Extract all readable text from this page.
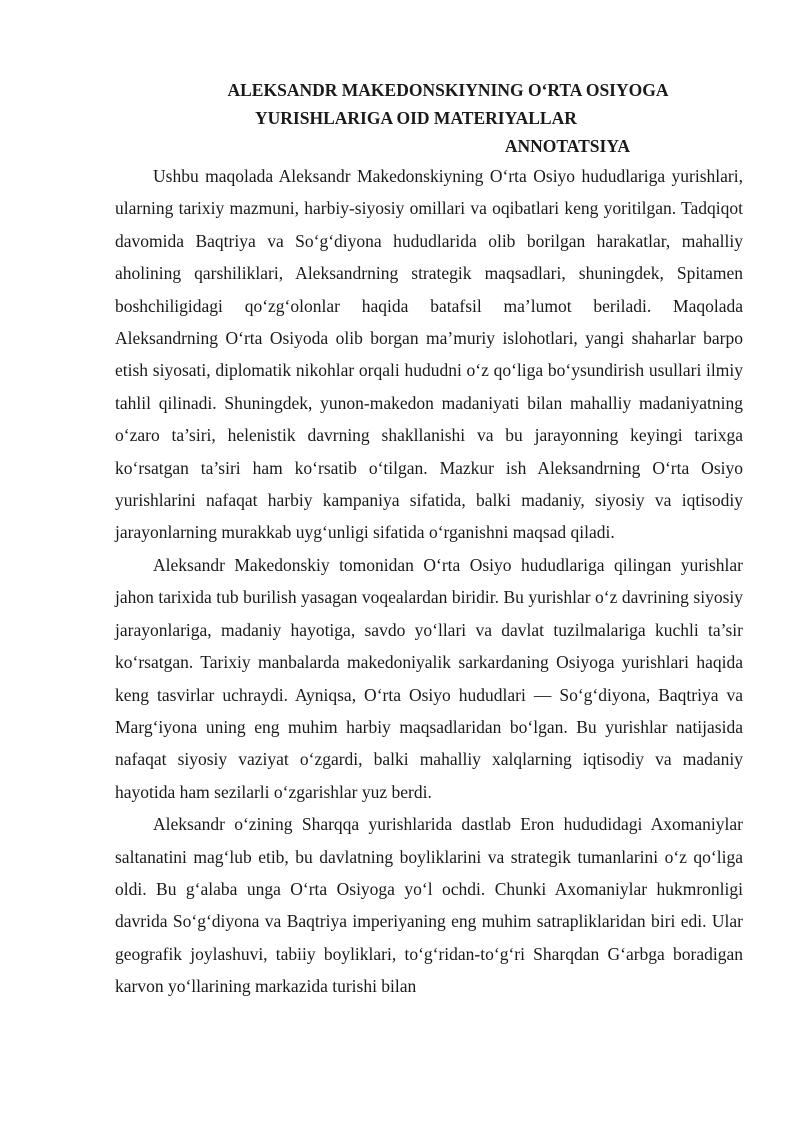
ALEKSANDR MAKEDONSKIYNING O‘RTA OSIYOGA

YURISHLARIGA OID MATERIYALLAR

ANNOTATSIYA

Ushbu maqolada Aleksandr Makedonskiyning O‘rta Osiyo hududlariga yurishlari, ularning tarixiy mazmuni, harbiy-siyosiy omillari va oqibatlari keng yoritilgan. Tadqiqot davomida Baqtriya va So‘g‘diyona hududlarida olib borilgan harakatlar, mahalliy aholining qarshiliklari, Aleksandrning strategik maqsadlari, shuningdek, Spitamen boshchiligidagi qo‘zg‘olonlar haqida batafsil ma’lumot beriladi. Maqolada Aleksandrning O‘rta Osiyoda olib borgan ma’muriy islohotlari, yangi shaharlar barpo etish siyosati, diplomatik nikohlar orqali hududni o‘z qo‘liga bo‘ysundirish usullari ilmiy tahlil qilinadi. Shuningdek, yunon-makedon madaniyati bilan mahalliy madaniyatning o‘zaro ta’siri, helenistik davrning shakllanishi va bu jarayonning keyingi tarixga ko‘rsatgan ta’siri ham ko‘rsatib o‘tilgan. Mazkur ish Aleksandrning O‘rta Osiyo yurishlarini nafaqat harbiy kampaniya sifatida, balki madaniy, siyosiy va iqtisodiy jarayonlarning murakkab uyg‘unligi sifatida o‘rganishni maqsad qiladi.

Aleksandr Makedonskiy tomonidan O‘rta Osiyo hududlariga qilingan yurishlar jahon tarixida tub burilish yasagan voqealardan biridir. Bu yurishlar o‘z davrining siyosiy jarayonlariga, madaniy hayotiga, savdo yo‘llari va davlat tuzilmalariga kuchli ta’sir ko‘rsatgan. Tarixiy manbalarda makedoniyalik sarkardaning Osiyoga yurishlari haqida keng tasvirlar uchraydi. Ayniqsa, O‘rta Osiyo hududlari — So‘g‘diyona, Baqtriya va Marg‘iyona uning eng muhim harbiy maqsadlaridan bo‘lgan. Bu yurishlar natijasida nafaqat siyosiy vaziyat o‘zgardi, balki mahalliy xalqlarning iqtisodiy va madaniy hayotida ham sezilarli o‘zgarishlar yuz berdi.

Aleksandr o‘zining Sharqqa yurishlarida dastlab Eron hududidagi Axomaniylar saltanatini mag‘lub etib, bu davlatning boyliklarini va strategik tumanlarini o‘z qo‘liga oldi. Bu g‘alaba unga O‘rta Osiyoga yo‘l ochdi. Chunki Axomaniylar hukmronligi davrida So‘g‘diyona va Baqtriya imperiyaning eng muhim satrapliklaridan biri edi. Ular geografik joylashuvi, tabiiy boyliklari, to‘g‘ridan-to‘g‘ri Sharqdan G‘arbga boradigan karvon yo‘llarining markazida turishi bilan
